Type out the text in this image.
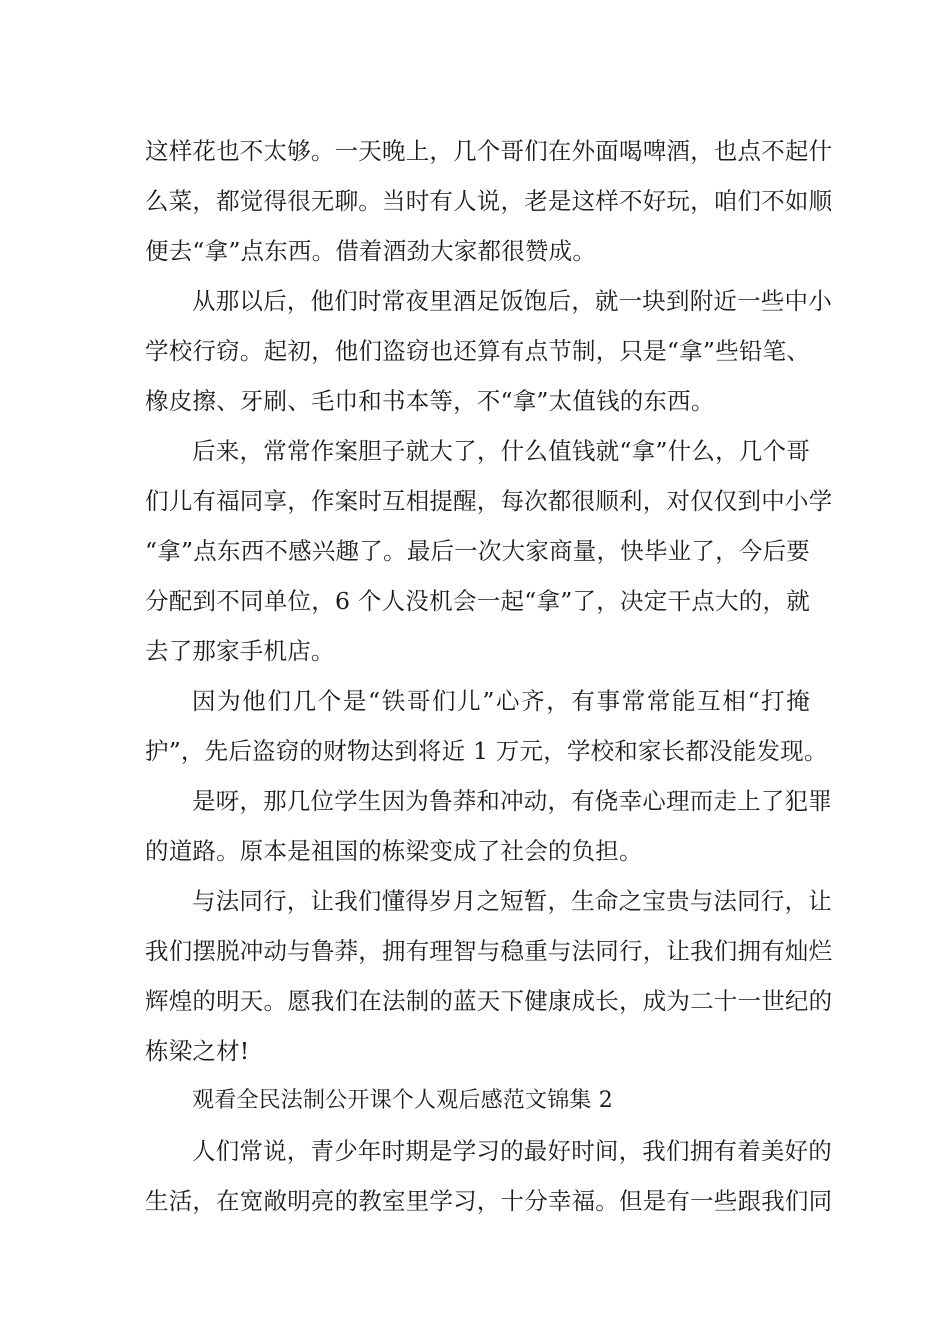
这样花也不太够。一天晚上，几个哥们在外面喝啤酒，也点不起什
么菜，都觉得很无聊。当时有人说，老是这样不好玩，咱们不如顺
便去“拿”点东西。借着酒劲大家都很赞成。
从那以后，他们时常夜里酒足饭饱后，就一块到附近一些中小
学校行窃。起初，他们盗窃也还算有点节制，只是“拿”些铅笔、
橡皮擦、牙刷、毛巾和书本等，不“拿”太值钱的东西。
后来，常常作案胆子就大了，什么值钱就“拿”什么，几个哥
们儿有福同享，作案时互相提醒，每次都很顺利，对仅仅到中小学
“拿”点东西不感兴趣了。最后一次大家商量，快毕业了，今后要
分配到不同单位，6 个人没机会一起“拿”了，决定干点大的，就
去了那家手机店。
因为他们几个是“铁哥们儿”心齐，有事常常能互相“打掩
护”，先后盗窃的财物达到将近 1 万元，学校和家长都没能发现。
是呀，那几位学生因为鲁莽和冲动，有侥幸心理而走上了犯罪
的道路。原本是祖国的栋梁变成了社会的负担。
与法同行，让我们懂得岁月之短暂，生命之宝贵与法同行，让
我们摆脱冲动与鲁莽，拥有理智与稳重与法同行，让我们拥有灿烂
辉煌的明天。愿我们在法制的蓝天下健康成长，成为二十一世纪的
栋梁之材!
观看全民法制公开课个人观后感范文锦集 2
人们常说，青少年时期是学习的最好时间，我们拥有着美好的
生活，在宽敞明亮的教室里学习，十分幸福。但是有一些跟我们同
